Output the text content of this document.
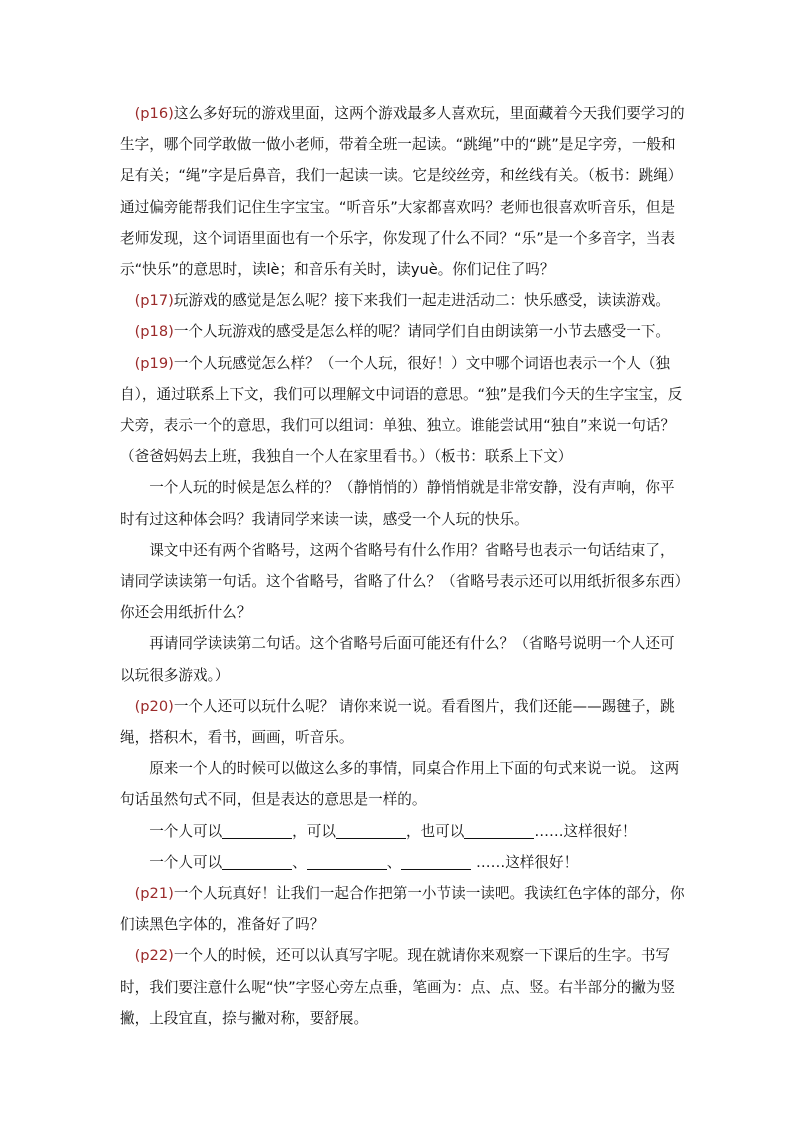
(p16)这么多好玩的游戏里面，这两个游戏最多人喜欢玩，里面藏着今天我们要学习的生字，哪个同学敢做一做小老师，带着全班一起读。“跳绳”中的“跳”是足字旁，一般和足有关；“绳”字是后鼻音，我们一起读一读。它是绞丝旁，和丝线有关。（板书：跳绳）通过偏旁能帮我们记住生字宝宝。“听音乐”大家都喜欢吗？老师也很喜欢听音乐，但是老师发现，这个词语里面也有一个乐字，你发现了什么不同？“乐”是一个多音字，当表示“快乐”的意思时，读lè；和音乐有关时，读yuè。你们记住了吗？

(p17)玩游戏的感觉是怎么呢？接下来我们一起走进活动二：快乐感受，读读游戏。

(p18)一个人玩游戏的感受是怎么样的呢？请同学们自由朗读第一小节去感受一下。

(p19)一个人玩感觉怎么样？（一个人玩，很好！）文中哪个词语也表示一个人（独自），通过联系上下文，我们可以理解文中词语的意思。“独”是我们今天的生字宝宝，反犬旁，表示一个的意思，我们可以组词：单独、独立。谁能尝试用“独自”来说一句话？（爸爸妈妈去上班，我独自一个人在家里看书。）（板书：联系上下文）

一个人玩的时候是怎么样的？（静悄悄的）静悄悄就是非常安静，没有声响，你平时有过这种体会吗？我请同学来读一读，感受一个人玩的快乐。

课文中还有两个省略号，这两个省略号有什么作用？省略号也表示一句话结束了，请同学读读第一句话。这个省略号，省略了什么？（省略号表示还可以用纸折很多东西）你还会用纸折什么？

再请同学读读第二句话。这个省略号后面可能还有什么？（省略号说明一个人还可以玩很多游戏。）

(p20)一个人还可以玩什么呢？ 请你来说一说。看看图片，我们还能——踢毽子，跳绳，搭积木，看书，画画，听音乐。

原来一个人的时候可以做这么多的事情，同桌合作用上下面的句式来说一说。 这两句话虽然句式不同，但是表达的意思是一样的。

一个人可以	，可以	，也可以	……这样很好！

一个人可以	、	、	……这样很好！

(p21)一个人玩真好！让我们一起合作把第一小节读一读吧。我读红色字体的部分，你们读黑色字体的，准备好了吗？

(p22)一个人的时候，还可以认真写字呢。现在就请你来观察一下课后的生字。书写时，我们要注意什么呢“快”字竖心旁左点垂，笔画为：点、点、竖。右半部分的撇为竖撇，上段宜直，捺与撇对称，要舒展。
